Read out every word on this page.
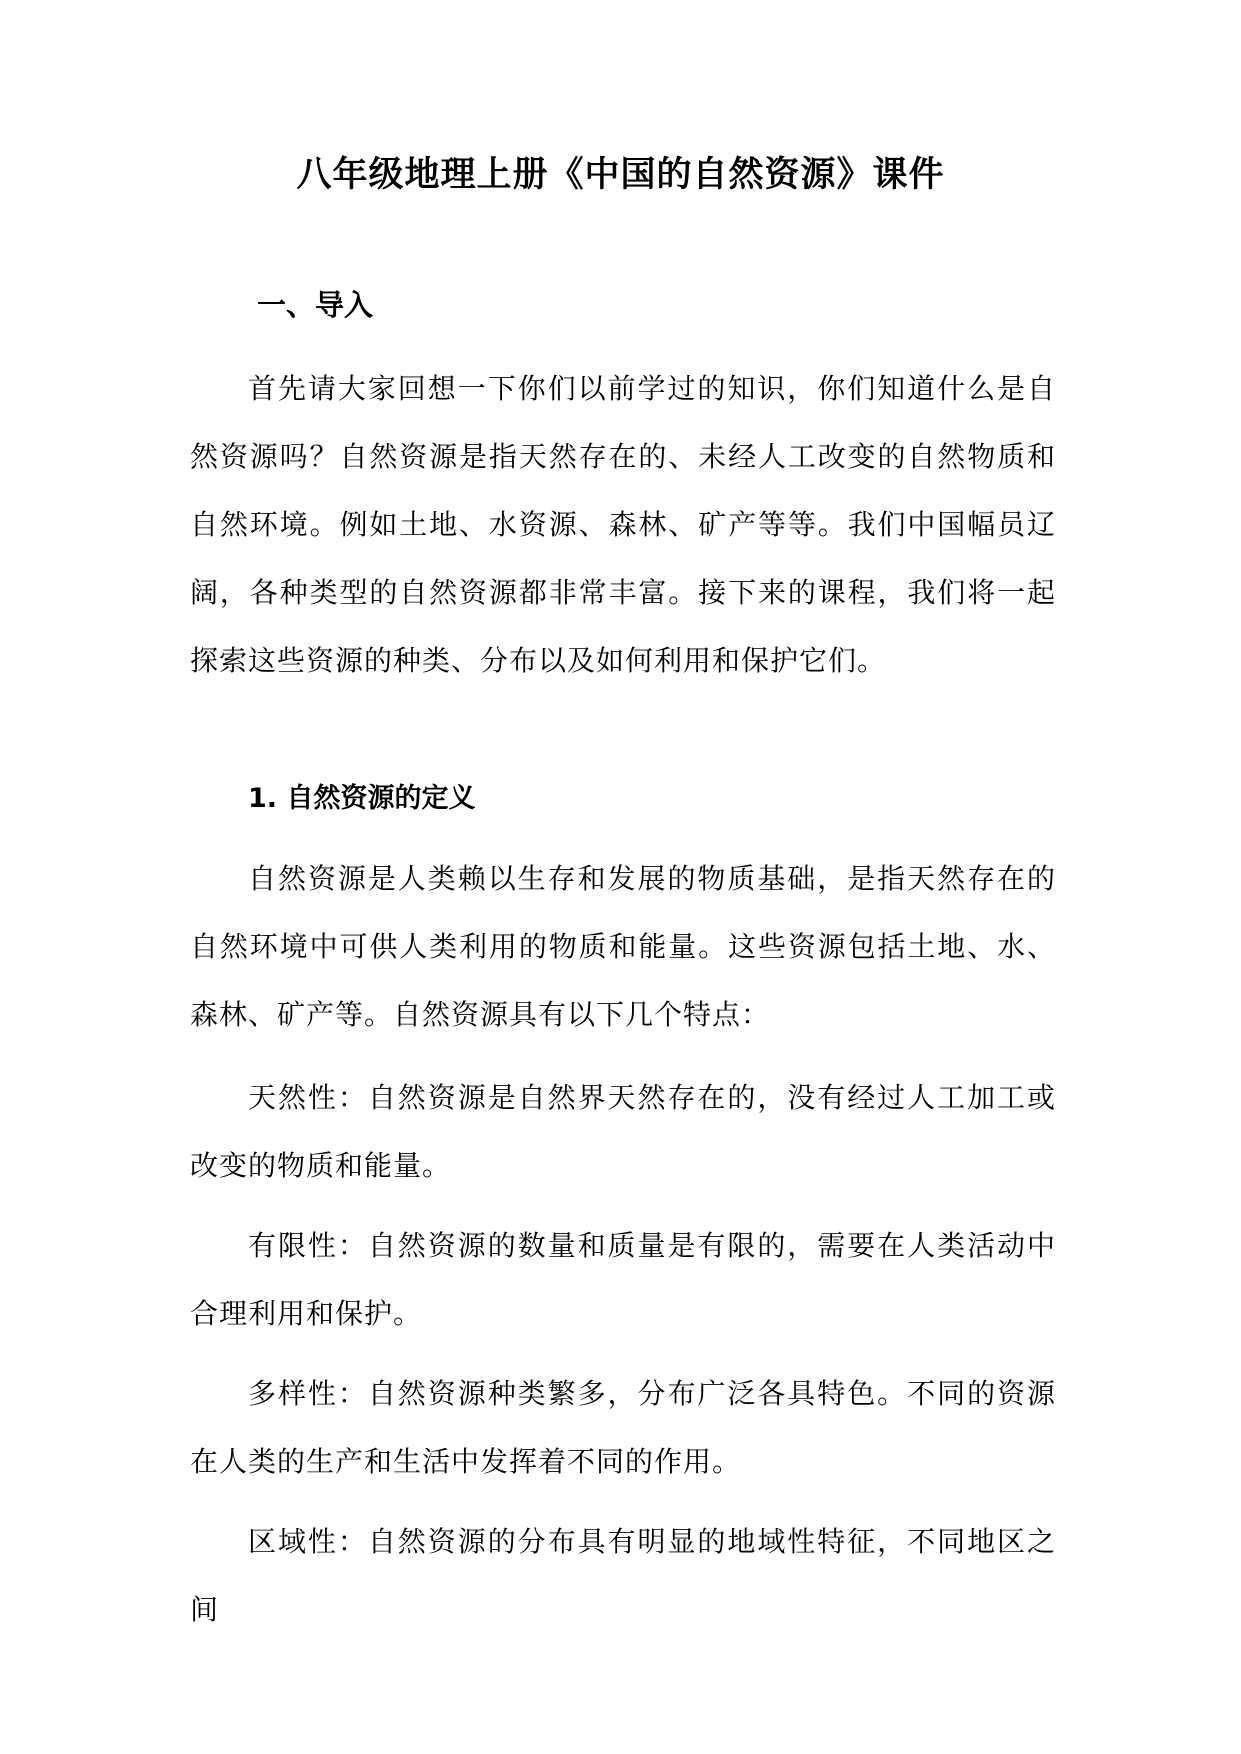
八年级地理上册《中国的自然资源》课件
一、导入

首先请大家回想一下你们以前学过的知识，你们知道什么是自然资源吗？自然资源是指天然存在的、未经人工改变的自然物质和自然环境。例如土地、水资源、森林、矿产等等。我们中国幅员辽阔，各种类型的自然资源都非常丰富。接下来的课程，我们将一起探索这些资源的种类、分布以及如何利用和保护它们。

1. 自然资源的定义

自然资源是人类赖以生存和发展的物质基础，是指天然存在的自然环境中可供人类利用的物质和能量。这些资源包括土地、水、森林、矿产等。自然资源具有以下几个特点：

天然性：自然资源是自然界天然存在的，没有经过人工加工或改变的物质和能量。

有限性：自然资源的数量和质量是有限的，需要在人类活动中合理利用和保护。

多样性：自然资源种类繁多，分布广泛各具特色。不同的资源在人类的生产和生活中发挥着不同的作用。

区域性：自然资源的分布具有明显的地域性特征，不同地区之间
